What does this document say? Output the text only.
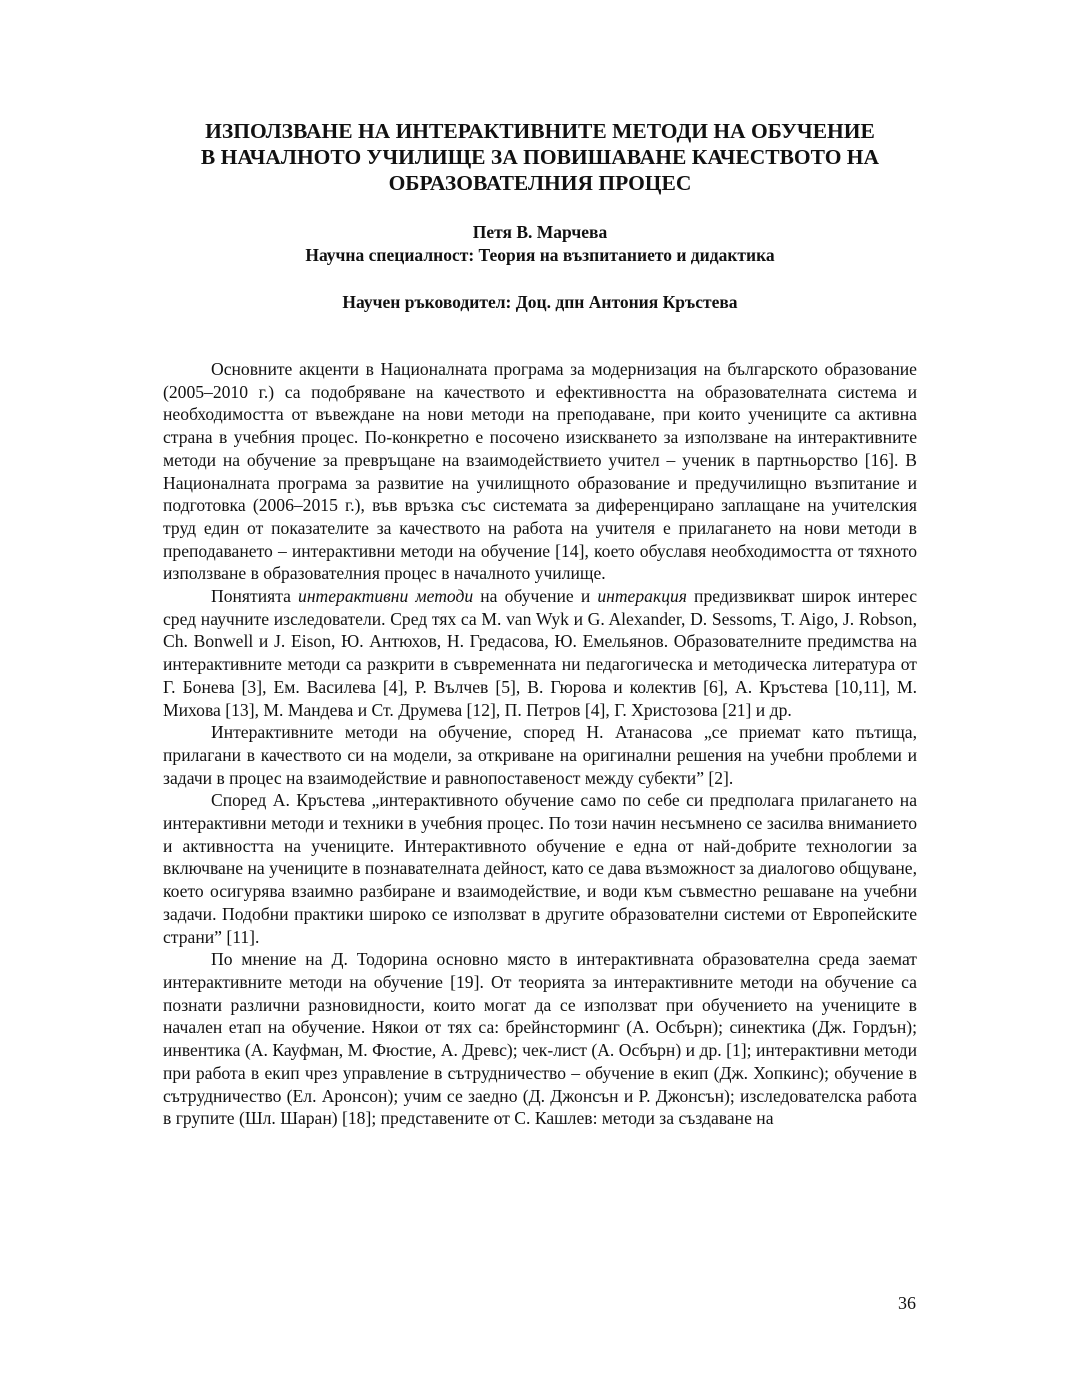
ИЗПОЛЗВАНЕ НА ИНТЕРАКТИВНИТЕ МЕТОДИ НА ОБУЧЕНИЕ
В НАЧАЛНОТО УЧИЛИЩЕ ЗА ПОВИШАВАНЕ КАЧЕСТВОТО НА
ОБРАЗОВАТЕЛНИЯ ПРОЦЕС
Петя В. Марчева
Научна специалност: Теория на възпитанието и дидактика
Научен ръководител: Доц. дпн Антония Кръстева

Основните акценти в Националната програма за модернизация на българското образование (2005–2010 г.) са подобряване на качеството и ефективността на образователната система и необходимостта от въвеждане на нови методи на преподаване, при които учениците са активна страна в учебния процес. По-конкретно е посочено изискването за използване на интерактивните методи на обучение за превръщане на взаимодействието учител – ученик в партньорство [16]. В Националната програма за развитие на училищното образование и предучилищно възпитание и подготовка (2006–2015 г.), във връзка със системата за диференцирано заплащане на учителския труд един от показателите за качеството на работа на учителя е прилагането на нови методи в преподаването – интерактивни методи на обучение [14], което обуславя необходимостта от тяхното използване в образователния процес в началното училище.

Понятията интерактивни методи на обучение и интеракция предизвикват широк интерес сред научните изследователи. Сред тях са M. van Wyk и G. Alexander, D. Sessoms, T. Aigo, J. Robson, Ch. Bonwell и J. Eison, Ю. Антюхов, Н. Гредасова, Ю. Емельянов. Образователните предимства на интерактивните методи са разкрити в съвременната ни педагогическа и методическа литература от Г. Бонева [3], Ем. Василева [4], Р. Вълчев [5], В. Гюрова и колектив [6], А. Кръстева [10,11], М. Михова [13], М. Мандева и Ст. Друмева [12], П. Петров [4], Г. Христозова [21] и др.

Интерактивните методи на обучение, според Н. Атанасова „се приемат като пътища, прилагани в качеството си на модели, за откриване на оригинални решения на учебни проблеми и задачи в процес на взаимодействие и равнопоставеност между субекти” [2].

Според А. Кръстева „интерактивното обучение само по себе си предполага прилагането на интерактивни методи и техники в учебния процес. По този начин несъмнено се засилва вниманието и активността на учениците. Интерактивното обучение е една от най-добрите технологии за включване на учениците в познавателната дейност, като се дава възможност за диалогово общуване, което осигурява взаимно разбиране и взаимодействие, и води към съвместно решаване на учебни задачи. Подобни практики широко се използват в другите образователни системи от Европейските страни” [11].

По мнение на Д. Тодорина основно място в интерактивната образователна среда заемат интерактивните методи на обучение [19]. От теорията за интерактивните методи на обучение са познати различни разновидности, които могат да се използват при обучението на учениците в начален етап на обучение. Някои от тях са: брейнсторминг (А. Осбърн); синектика (Дж. Гордън); инвентика (А. Кауфман, М. Фюстие, А. Древс); чек-лист (А. Осбърн) и др. [1]; интерактивни методи при работа в екип чрез управление в сътрудничество – обучение в екип (Дж. Хопкинс); обучение в сътрудничество (Ел. Аронсон); учим се заедно (Д. Джонсън и Р. Джонсън); изследователска работа в групите (Шл. Шаран) [18]; представените от С. Кашлев: методи за създаване на

36
